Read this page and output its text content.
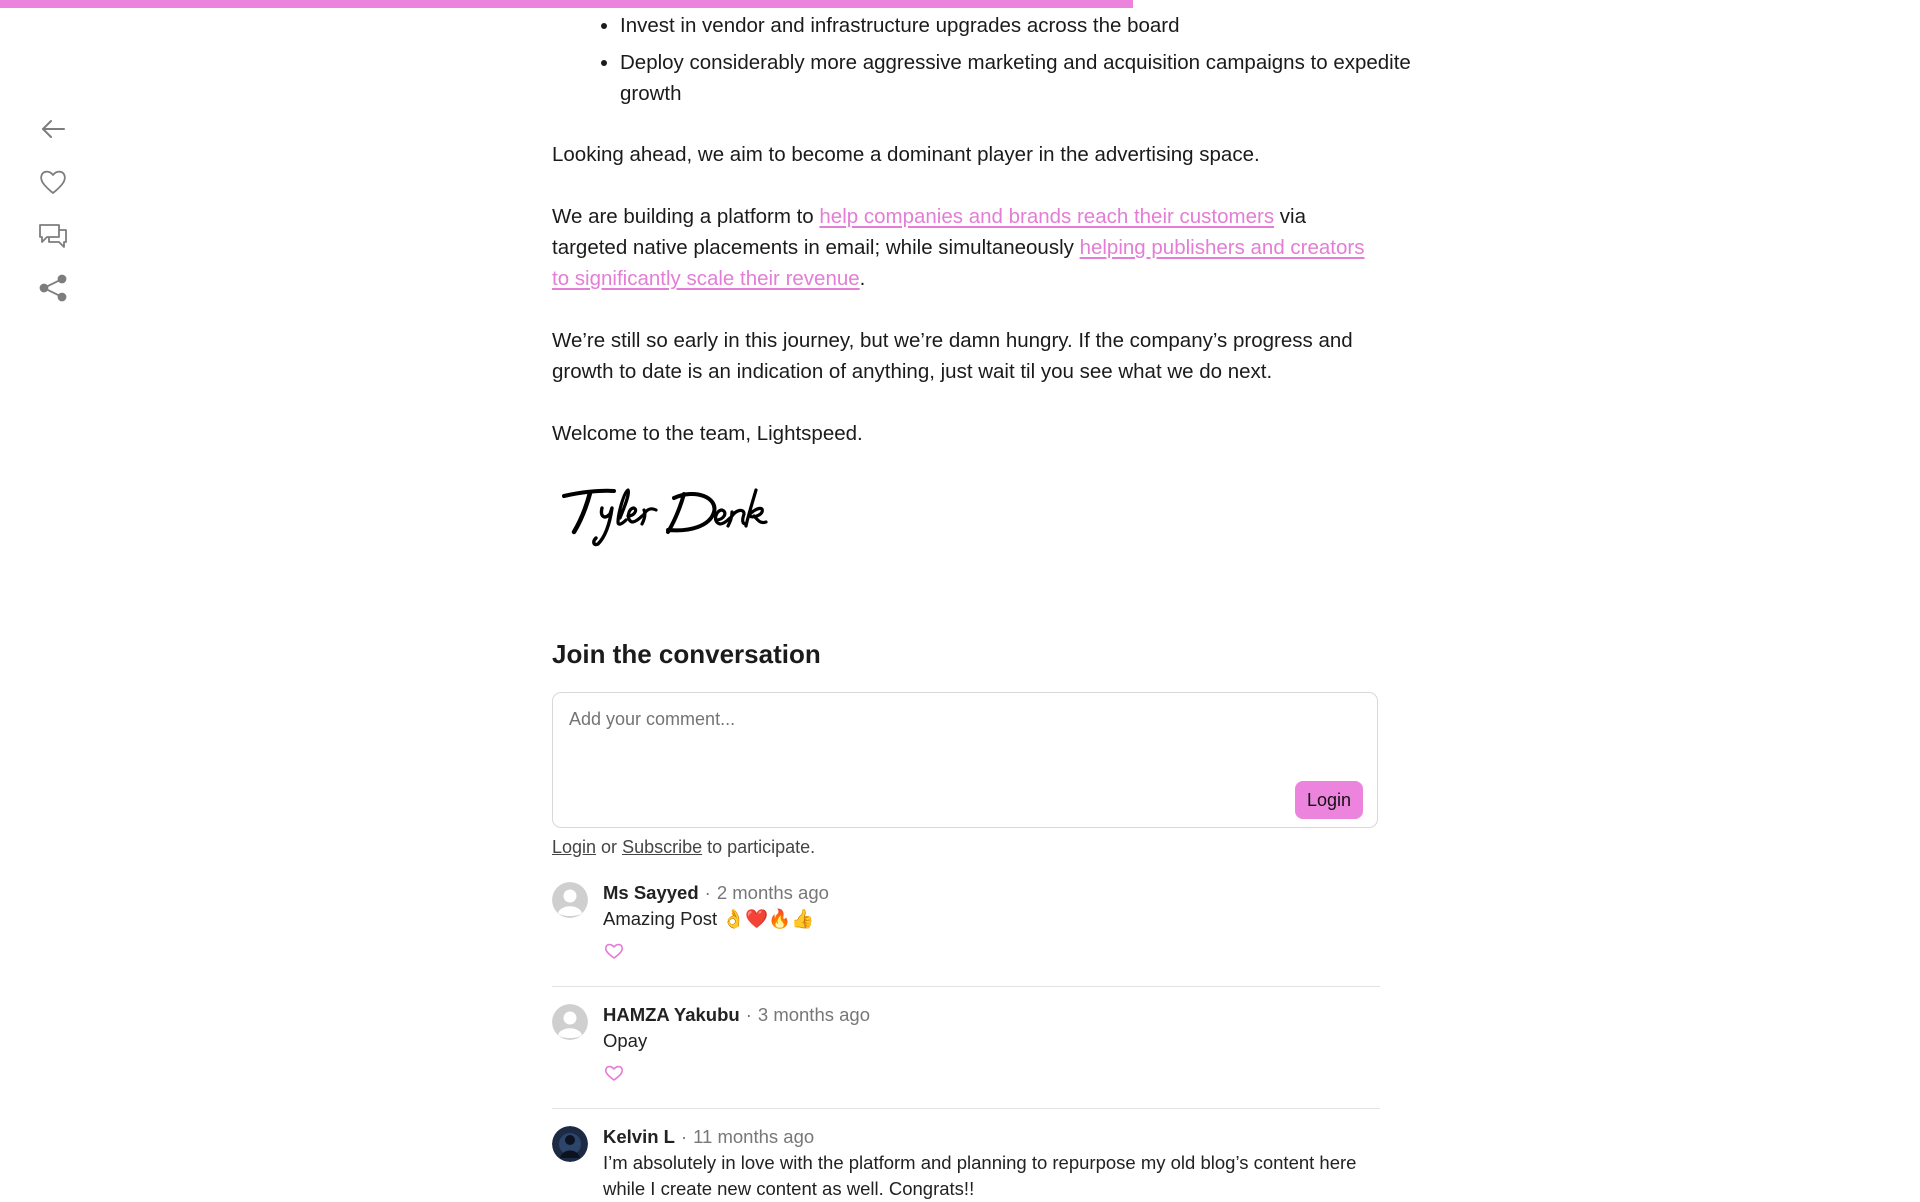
• Invest in vendor and infrastructure upgrades across the board
• Deploy considerably more aggressive marketing and acquisition campaigns to expedite growth

Looking ahead, we aim to become a dominant player in the advertising space.

We are building a platform to help companies and brands reach their customers via targeted native placements in email; while simultaneously helping publishers and creators to significantly scale their revenue.

We’re still so early in this journey, but we’re damn hungry. If the company’s progress and growth to date is an indication of anything, just wait til you see what we do next.

Welcome to the team, Lightspeed.

Join the conversation
Add your comment...
Login
Login or Subscribe to participate.
Ms Sayyed · 2 months ago
Amazing Post 👌❤️🔥👍
HAMZA Yakubu · 3 months ago
Opay
Kelvin L · 11 months ago
I’m absolutely in love with the platform and planning to repurpose my old blog’s content here while I create new content as well. Congrats!!
